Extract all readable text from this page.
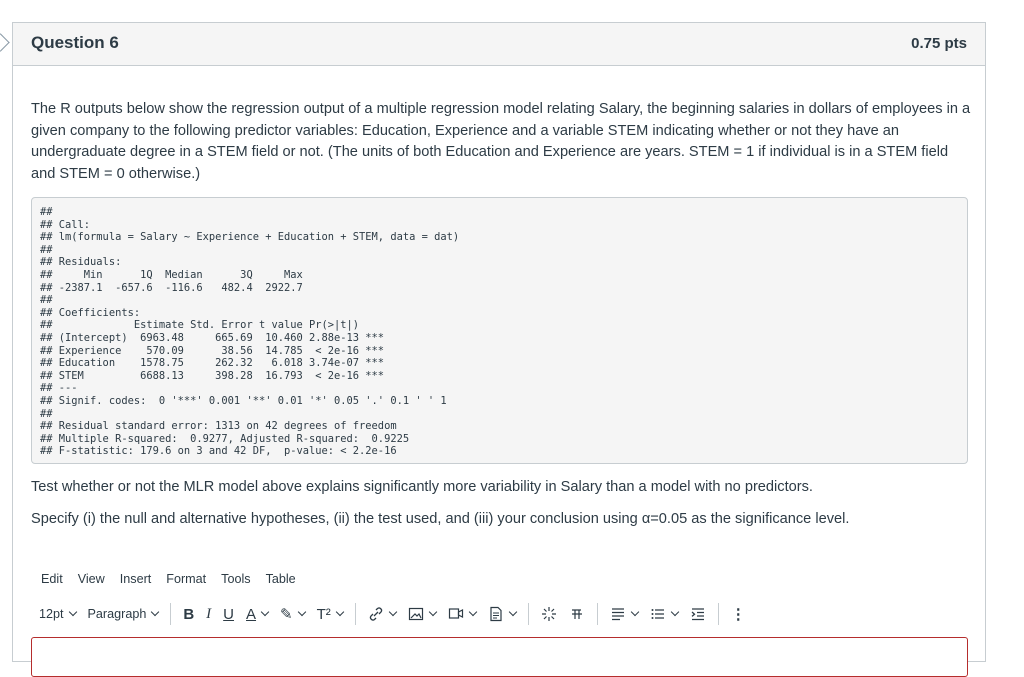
Question 6	0.75 pts
The R outputs below show the regression output of a multiple regression model relating Salary, the beginning salaries in dollars of employees in a given company to the following predictor variables: Education, Experience and a variable STEM indicating whether or not they have an undergraduate degree in a STEM field or not. (The units of both Education and Experience are years. STEM = 1 if individual is in a STEM field and STEM = 0 otherwise.)
##
## Call:
## lm(formula = Salary ~ Experience + Education + STEM, data = dat)
##
## Residuals:
##     Min      1Q  Median      3Q     Max
## -2387.1  -657.6  -116.6   482.4  2922.7
##
## Coefficients:
##             Estimate Std. Error t value Pr(>|t|)
## (Intercept)  6963.48     665.69  10.460 2.88e-13 ***
## Experience    570.09      38.56  14.785  < 2e-16 ***
## Education    1578.75     262.32   6.018 3.74e-07 ***
## STEM         6688.13     398.28  16.793  < 2e-16 ***
## ---
## Signif. codes:  0 '***' 0.001 '**' 0.01 '*' 0.05 '.' 0.1 ' ' 1
##
## Residual standard error: 1313 on 42 degrees of freedom
## Multiple R-squared:  0.9277, Adjusted R-squared:  0.9225
## F-statistic: 179.6 on 3 and 42 DF,  p-value: < 2.2e-16
Test whether or not the MLR model above explains significantly more variability in Salary than a model with no predictors.
Specify (i) the null and alternative hypotheses, (ii) the test used, and (iii) your conclusion using α=0.05 as the significance level.
Edit View Insert Format Tools Table
12pt Paragraph B I U A ✎ T²	⋮
